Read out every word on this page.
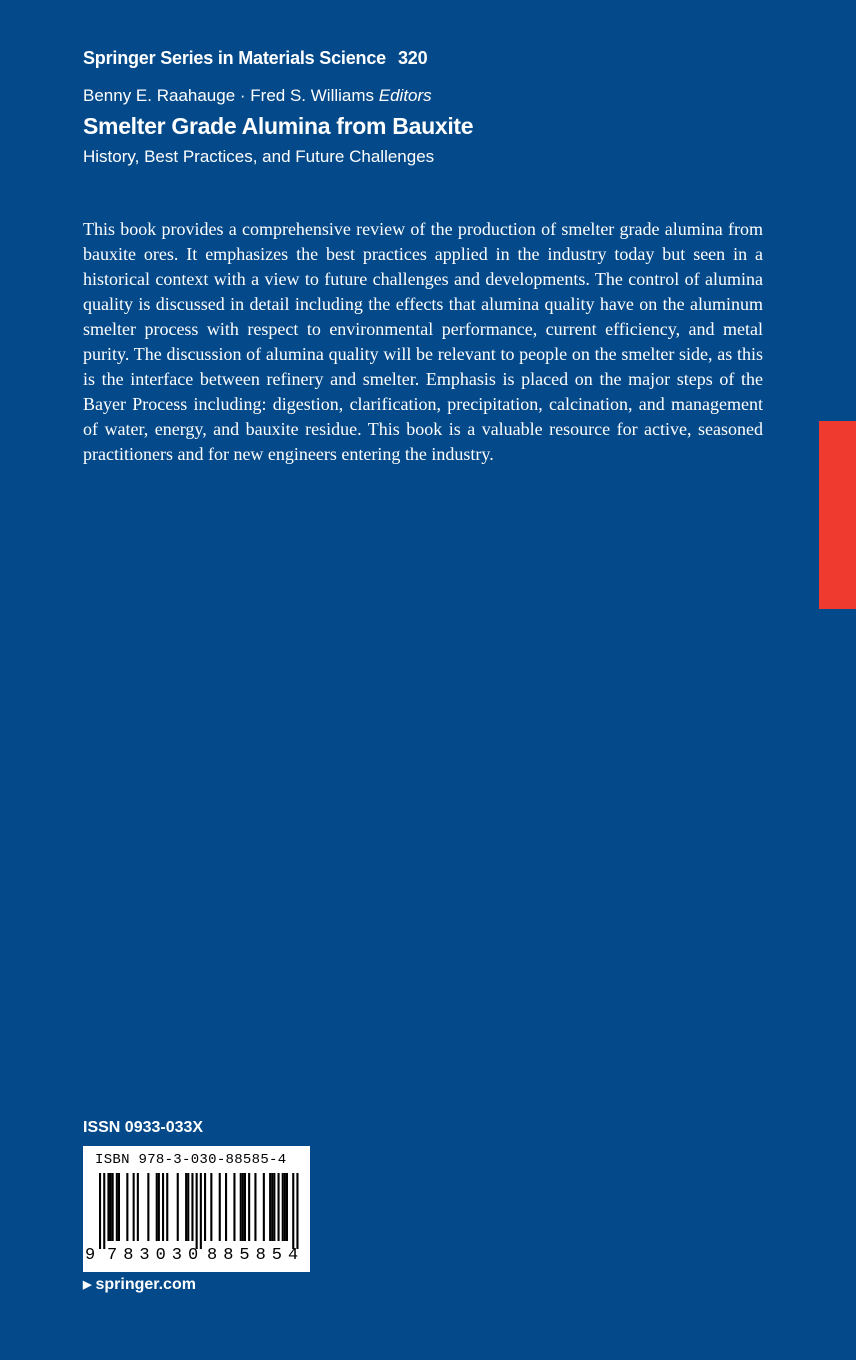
Springer Series in Materials Science 320
Benny E. Raahauge · Fred S. Williams Editors
Smelter Grade Alumina from Bauxite
History, Best Practices, and Future Challenges

This book provides a comprehensive review of the production of smelter grade alumina from bauxite ores. It emphasizes the best practices applied in the industry today but seen in a historical context with a view to future challenges and developments. The control of alumina quality is discussed in detail including the effects that alumina quality have on the aluminum smelter process with respect to environmental performance, current efficiency, and metal purity. The discussion of alumina quality will be relevant to people on the smelter side, as this is the interface between refinery and smelter. Emphasis is placed on the major steps of the Bayer Process including: digestion, clarification, precipitation, calcination, and management of water, energy, and bauxite residue. This book is a valuable resource for active, seasoned practitioners and for new engineers entering the industry.

ISSN 0933-033X
ISBN 978-3-030-88585-4
9 783030 885854
▶ springer.com
